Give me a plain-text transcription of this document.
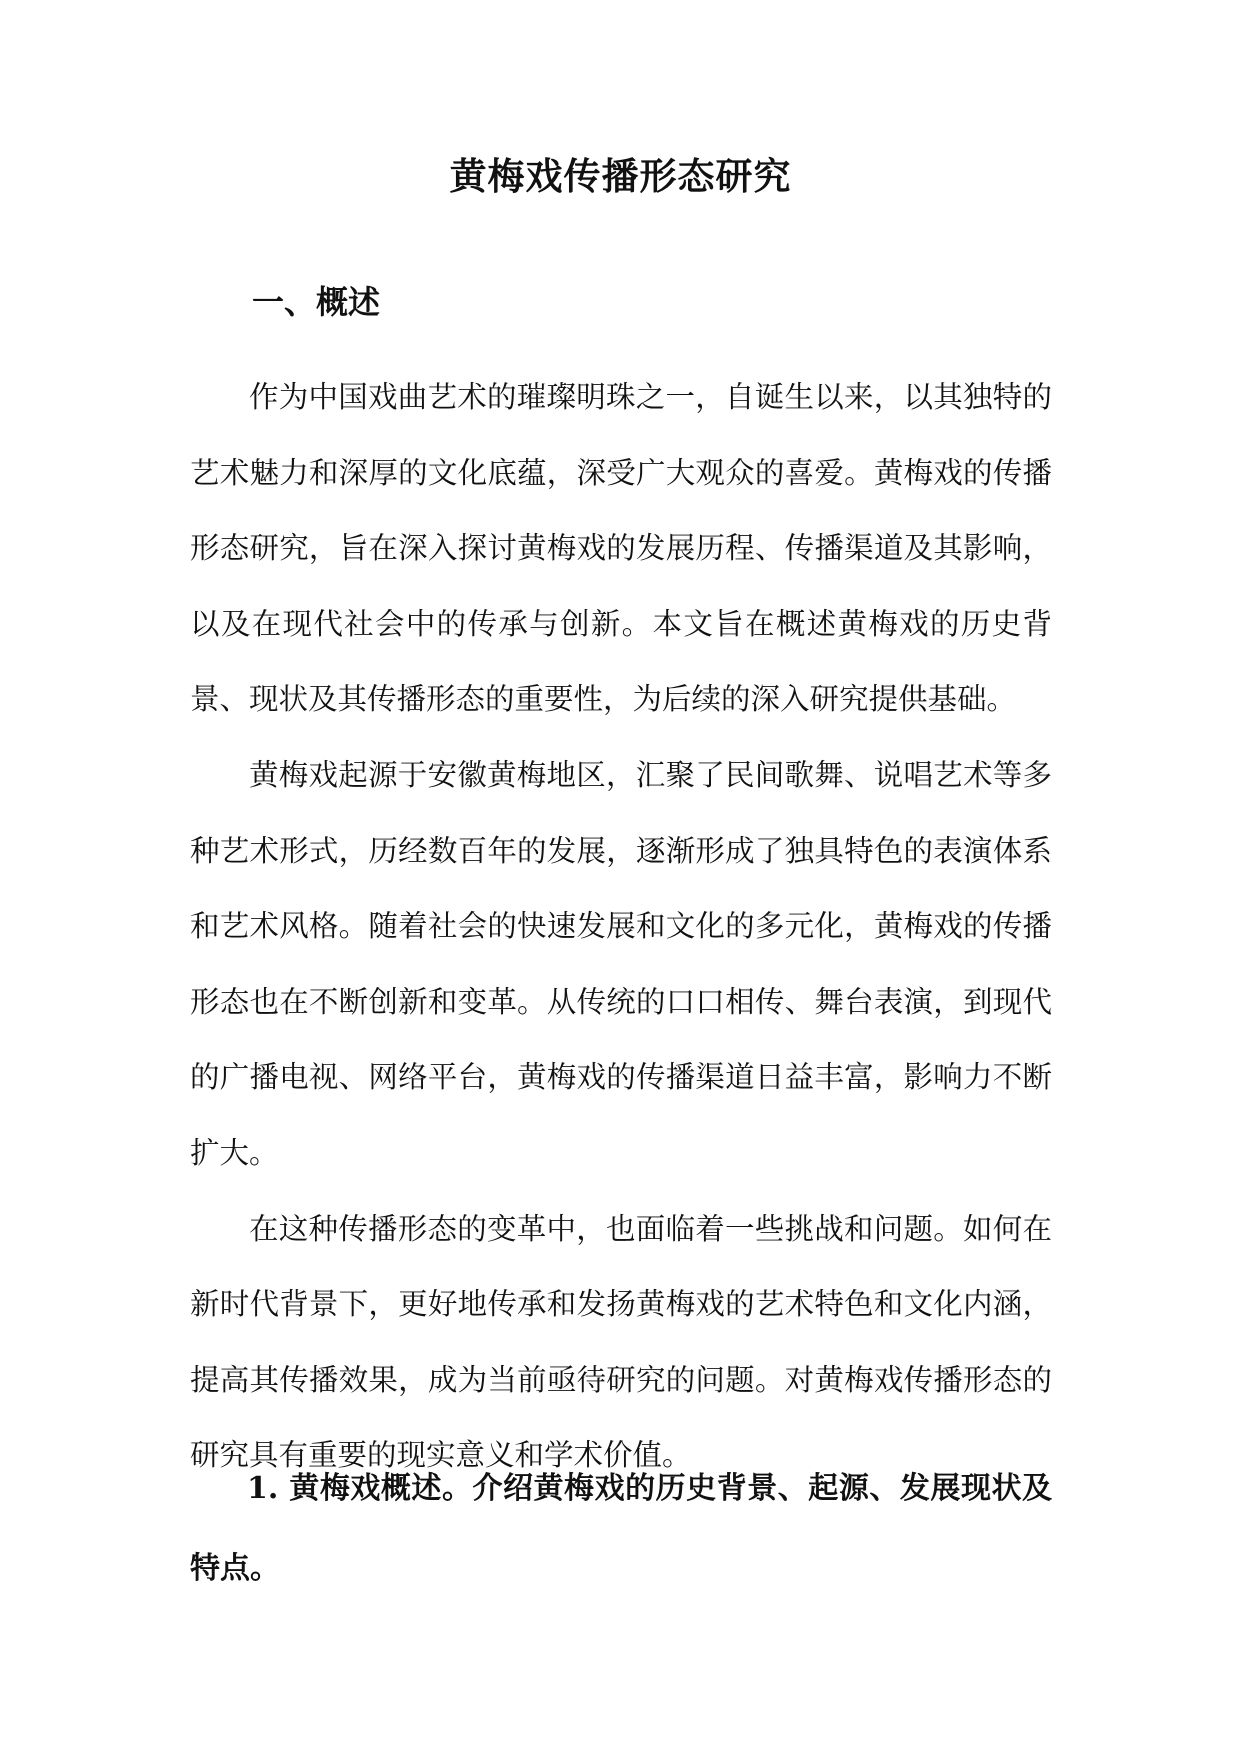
黄梅戏传播形态研究
一、概述

作为中国戏曲艺术的璀璨明珠之一，自诞生以来，以其独特的艺术魅力和深厚的文化底蕴，深受广大观众的喜爱。黄梅戏的传播形态研究，旨在深入探讨黄梅戏的发展历程、传播渠道及其影响，以及在现代社会中的传承与创新。本文旨在概述黄梅戏的历史背景、现状及其传播形态的重要性，为后续的深入研究提供基础。

黄梅戏起源于安徽黄梅地区，汇聚了民间歌舞、说唱艺术等多种艺术形式，历经数百年的发展，逐渐形成了独具特色的表演体系和艺术风格。随着社会的快速发展和文化的多元化，黄梅戏的传播形态也在不断创新和变革。从传统的口口相传、舞台表演，到现代的广播电视、网络平台，黄梅戏的传播渠道日益丰富，影响力不断扩大。

在这种传播形态的变革中，也面临着一些挑战和问题。如何在新时代背景下，更好地传承和发扬黄梅戏的艺术特色和文化内涵，提高其传播效果，成为当前亟待研究的问题。对黄梅戏传播形态的研究具有重要的现实意义和学术价值。

1. 黄梅戏概述。介绍黄梅戏的历史背景、起源、发展现状及特点。
